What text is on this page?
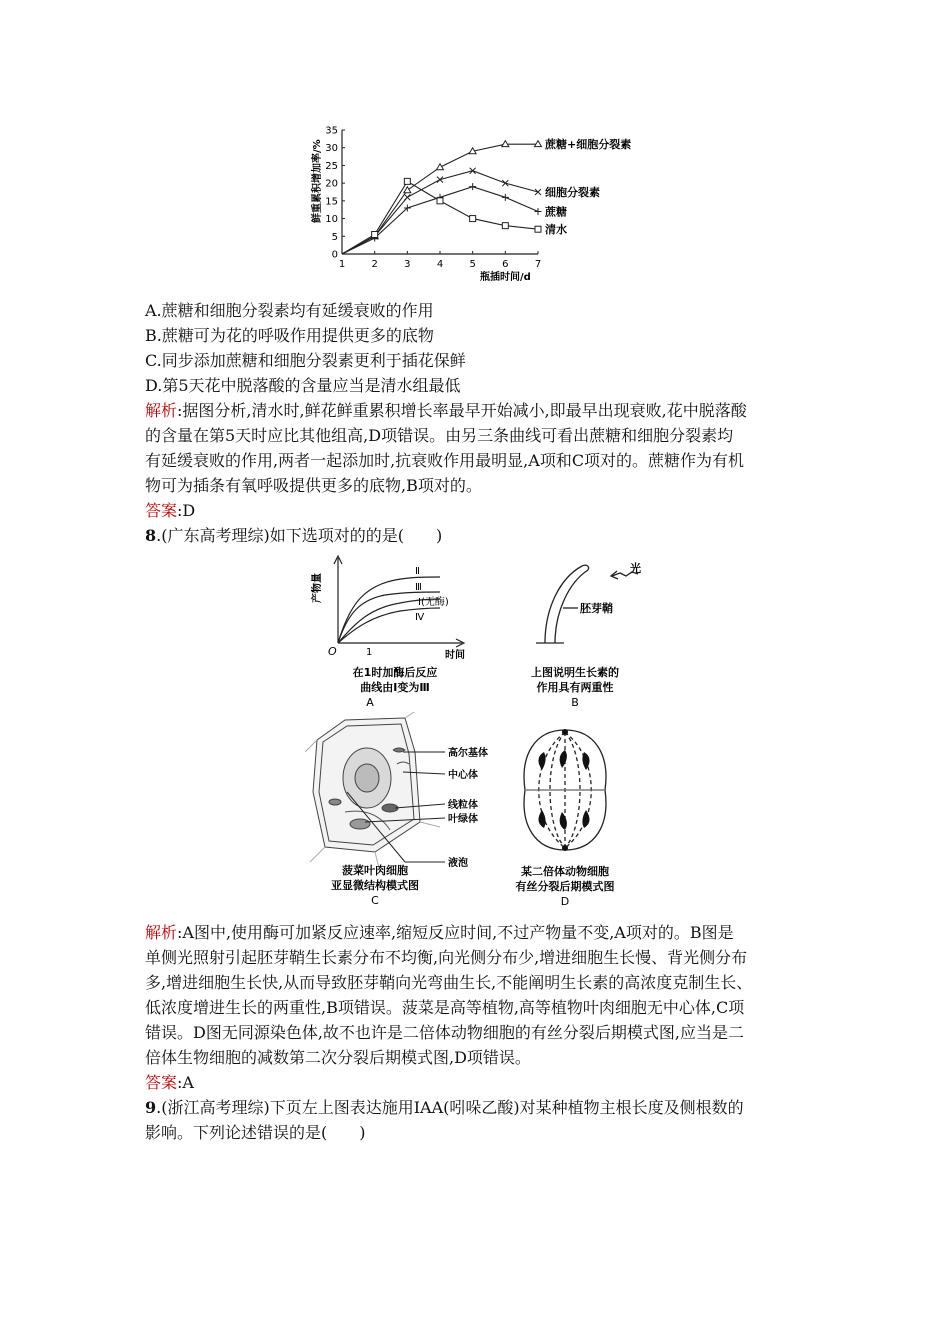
鲜重累积增加率/%
瓶插时间/d
0
5
10
15
20
25
30
35
1	2	3	4	5	6	7
蔗糖+细胞分裂素
细胞分裂素
蔗糖
清水
A.蔗糖和细胞分裂素均有延缓衰败的作用
B.蔗糖可为花的呼吸作用提供更多的底物
C.同步添加蔗糖和细胞分裂素更利于插花保鲜
D.第5天花中脱落酸的含量应当是清水组最低
解析:据图分析,清水时,鲜花鲜重累积增长率最早开始减小,即最早出现衰败,花中脱落酸
的含量在第5天时应比其他组高,D项错误。由另三条曲线可看出蔗糖和细胞分裂素均
有延缓衰败的作用,两者一起添加时,抗衰败作用最明显,A项和C项对的。蔗糖作为有机
物可为插条有氧呼吸提供更多的底物,B项对的。
答案:D
8.(广东高考理综)如下选项对的的是(　　)
产物量
时间
O	1
Ⅱ
Ⅲ
Ⅰ(无酶)
Ⅳ
在1时加酶后反应
曲线由Ⅰ变为Ⅲ
A
光
胚芽鞘
上图说明生长素的
作用具有两重性
B
高尔基体
中心体
线粒体
叶绿体
液泡
菠菜叶肉细胞
亚显微结构模式图
C
某二倍体动物细胞
有丝分裂后期模式图
D
解析:A图中,使用酶可加紧反应速率,缩短反应时间,不过产物量不变,A项对的。B图是
单侧光照射引起胚芽鞘生长素分布不均衡,向光侧分布少,增进细胞生长慢、背光侧分布
多,增进细胞生长快,从而导致胚芽鞘向光弯曲生长,不能阐明生长素的高浓度克制生长、
低浓度增进生长的两重性,B项错误。菠菜是高等植物,高等植物叶肉细胞无中心体,C项
错误。D图无同源染色体,故不也许是二倍体动物细胞的有丝分裂后期模式图,应当是二
倍体生物细胞的减数第二次分裂后期模式图,D项错误。
答案:A
9.(浙江高考理综)下页左上图表达施用IAA(吲哚乙酸)对某种植物主根长度及侧根数的
影响。下列论述错误的是(　　)
